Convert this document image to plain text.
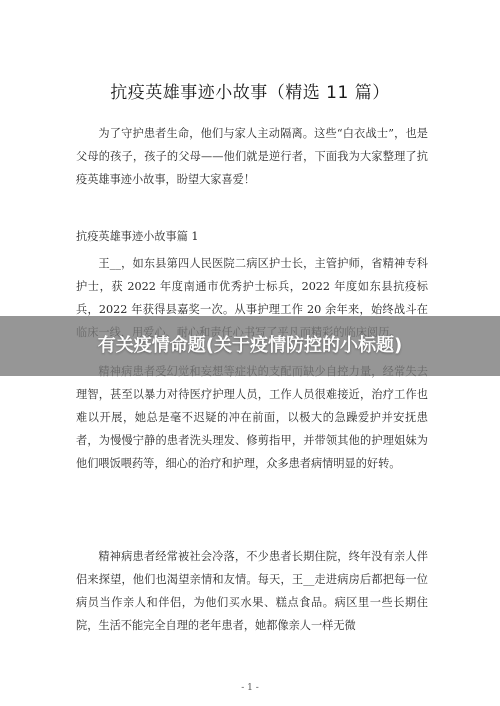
抗疫英雄事迹小故事（精选 11 篇）
为了守护患者生命，他们与家人主动隔离。这些“白衣战士”，也是父母的孩子，孩子的父母——他们就是逆行者，下面我为大家整理了抗疫英雄事迹小故事，盼望大家喜爱！
抗疫英雄事迹小故事篇 1
王__，如东县第四人民医院二病区护士长，主管护师，省精神专科护士，获 2022 年度南通市优秀护士标兵，2022 年度如东县抗疫标兵，2022 年获得县嘉奖一次。从事护理工作 20 余年来，始终战斗在
理智，甚至以暴力对待医疗护理人员，工作人员很难接近，治疗工作也难以开展，她总是毫不迟疑的冲在前面，以极大的急躁爱护并安抚患者，为慢慢宁静的患者洗头理发、修剪指甲，并带领其他的护理姐妹为他们喂饭喂药等，细心的治疗和护理，众多患者病情明显的好转。
精神病患者经常被社会冷落，不少患者长期住院，终年没有亲人伴侣来探望，他们也渴望亲情和友情。每天，王__走进病房后都把每一位病员当作亲人和伴侣，为他们买水果、糕点食品。病区里一些长期住院，生活不能完全自理的老年患者，她都像亲人一样无微
- 1 -
有关疫情命题(关于疫情防控的小标题)
